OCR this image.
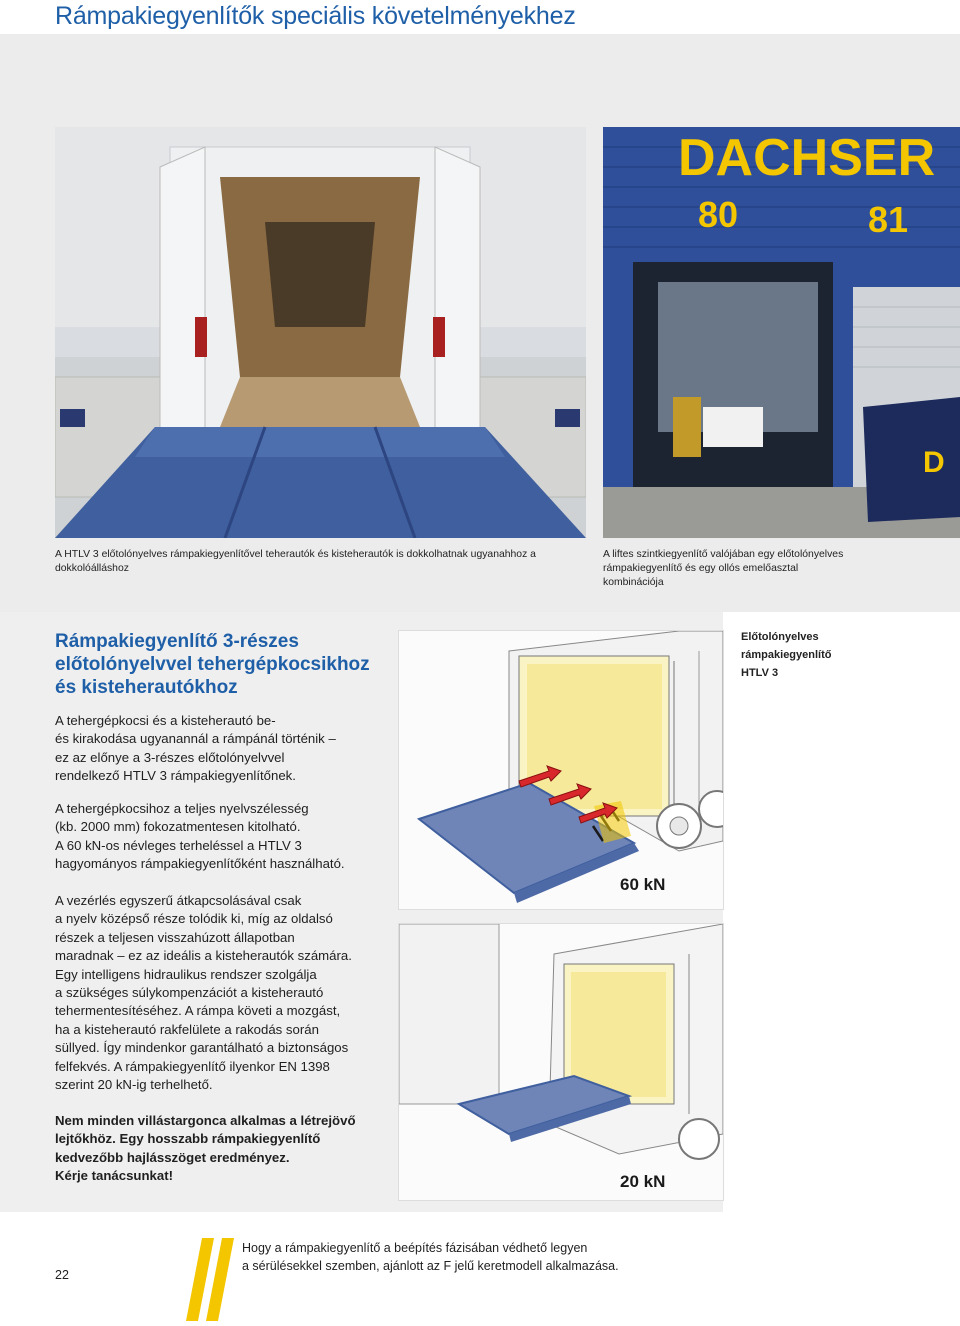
Rámpakiegyenlítők speciális követelményekhez
A HTLV 3 előtolónyelves rámpakiegyenlítővel teherautók és kisteherautók is dokkolhatnak ugyanahhoz a dokkolóálláshoz
DACHSER
80	81
D
A liftes szintkiegyenlítő valójában egy előtolónyelves rámpakiegyenlítő és egy ollós emelőasztal kombinációja
Rámpakiegyenlítő 3-részes
előtolónyelvvel tehergépkocsikhoz
és kisteherautókhoz
A tehergépkocsi és a kisteherautó be-
és kirakodása ugyanannál a rámpánál történik –
ez az előnye a 3-részes előtolónyelvvel
rendelkező HTLV 3 rámpakiegyenlítőnek.
A tehergépkocsihoz a teljes nyelvszélesség
(kb. 2000 mm) fokozatmentesen kitolható.
A 60 kN-os névleges terheléssel a HTLV 3
hagyományos rámpakiegyenlítőként használható.
A vezérlés egyszerű átkapcsolásával csak
a nyelv középső része tolódik ki, míg az oldalsó
részek a teljesen visszahúzott állapotban
maradnak – ez az ideális a kisteherautók számára.
Egy intelligens hidraulikus rendszer szolgálja
a szükséges súlykompenzációt a kisteherautó
tehermentesítéséhez. A rámpa követi a mozgást,
ha a kisteherautó rakfelülete a rakodás során
süllyed. Így mindenkor garantálható a biztonságos
felfekvés. A rámpakiegyenlítő ilyenkor EN 1398
szerint 20 kN-ig terhelhető.
Nem minden villástargonca alkalmas a létrejövő
lejtőkhöz. Egy hosszabb rámpakiegyenlítő
kedvezőbb hajlásszöget eredményez.
Kérje tanácsunkat!
Előtolónyelves
rámpakiegyenlítő
HTLV 3
60 kN
20 kN
22
Hogy a rámpakiegyenlítő a beépítés fázisában védhető legyen
a sérülésekkel szemben, ajánlott az F jelű keretmodell alkalmazása.
